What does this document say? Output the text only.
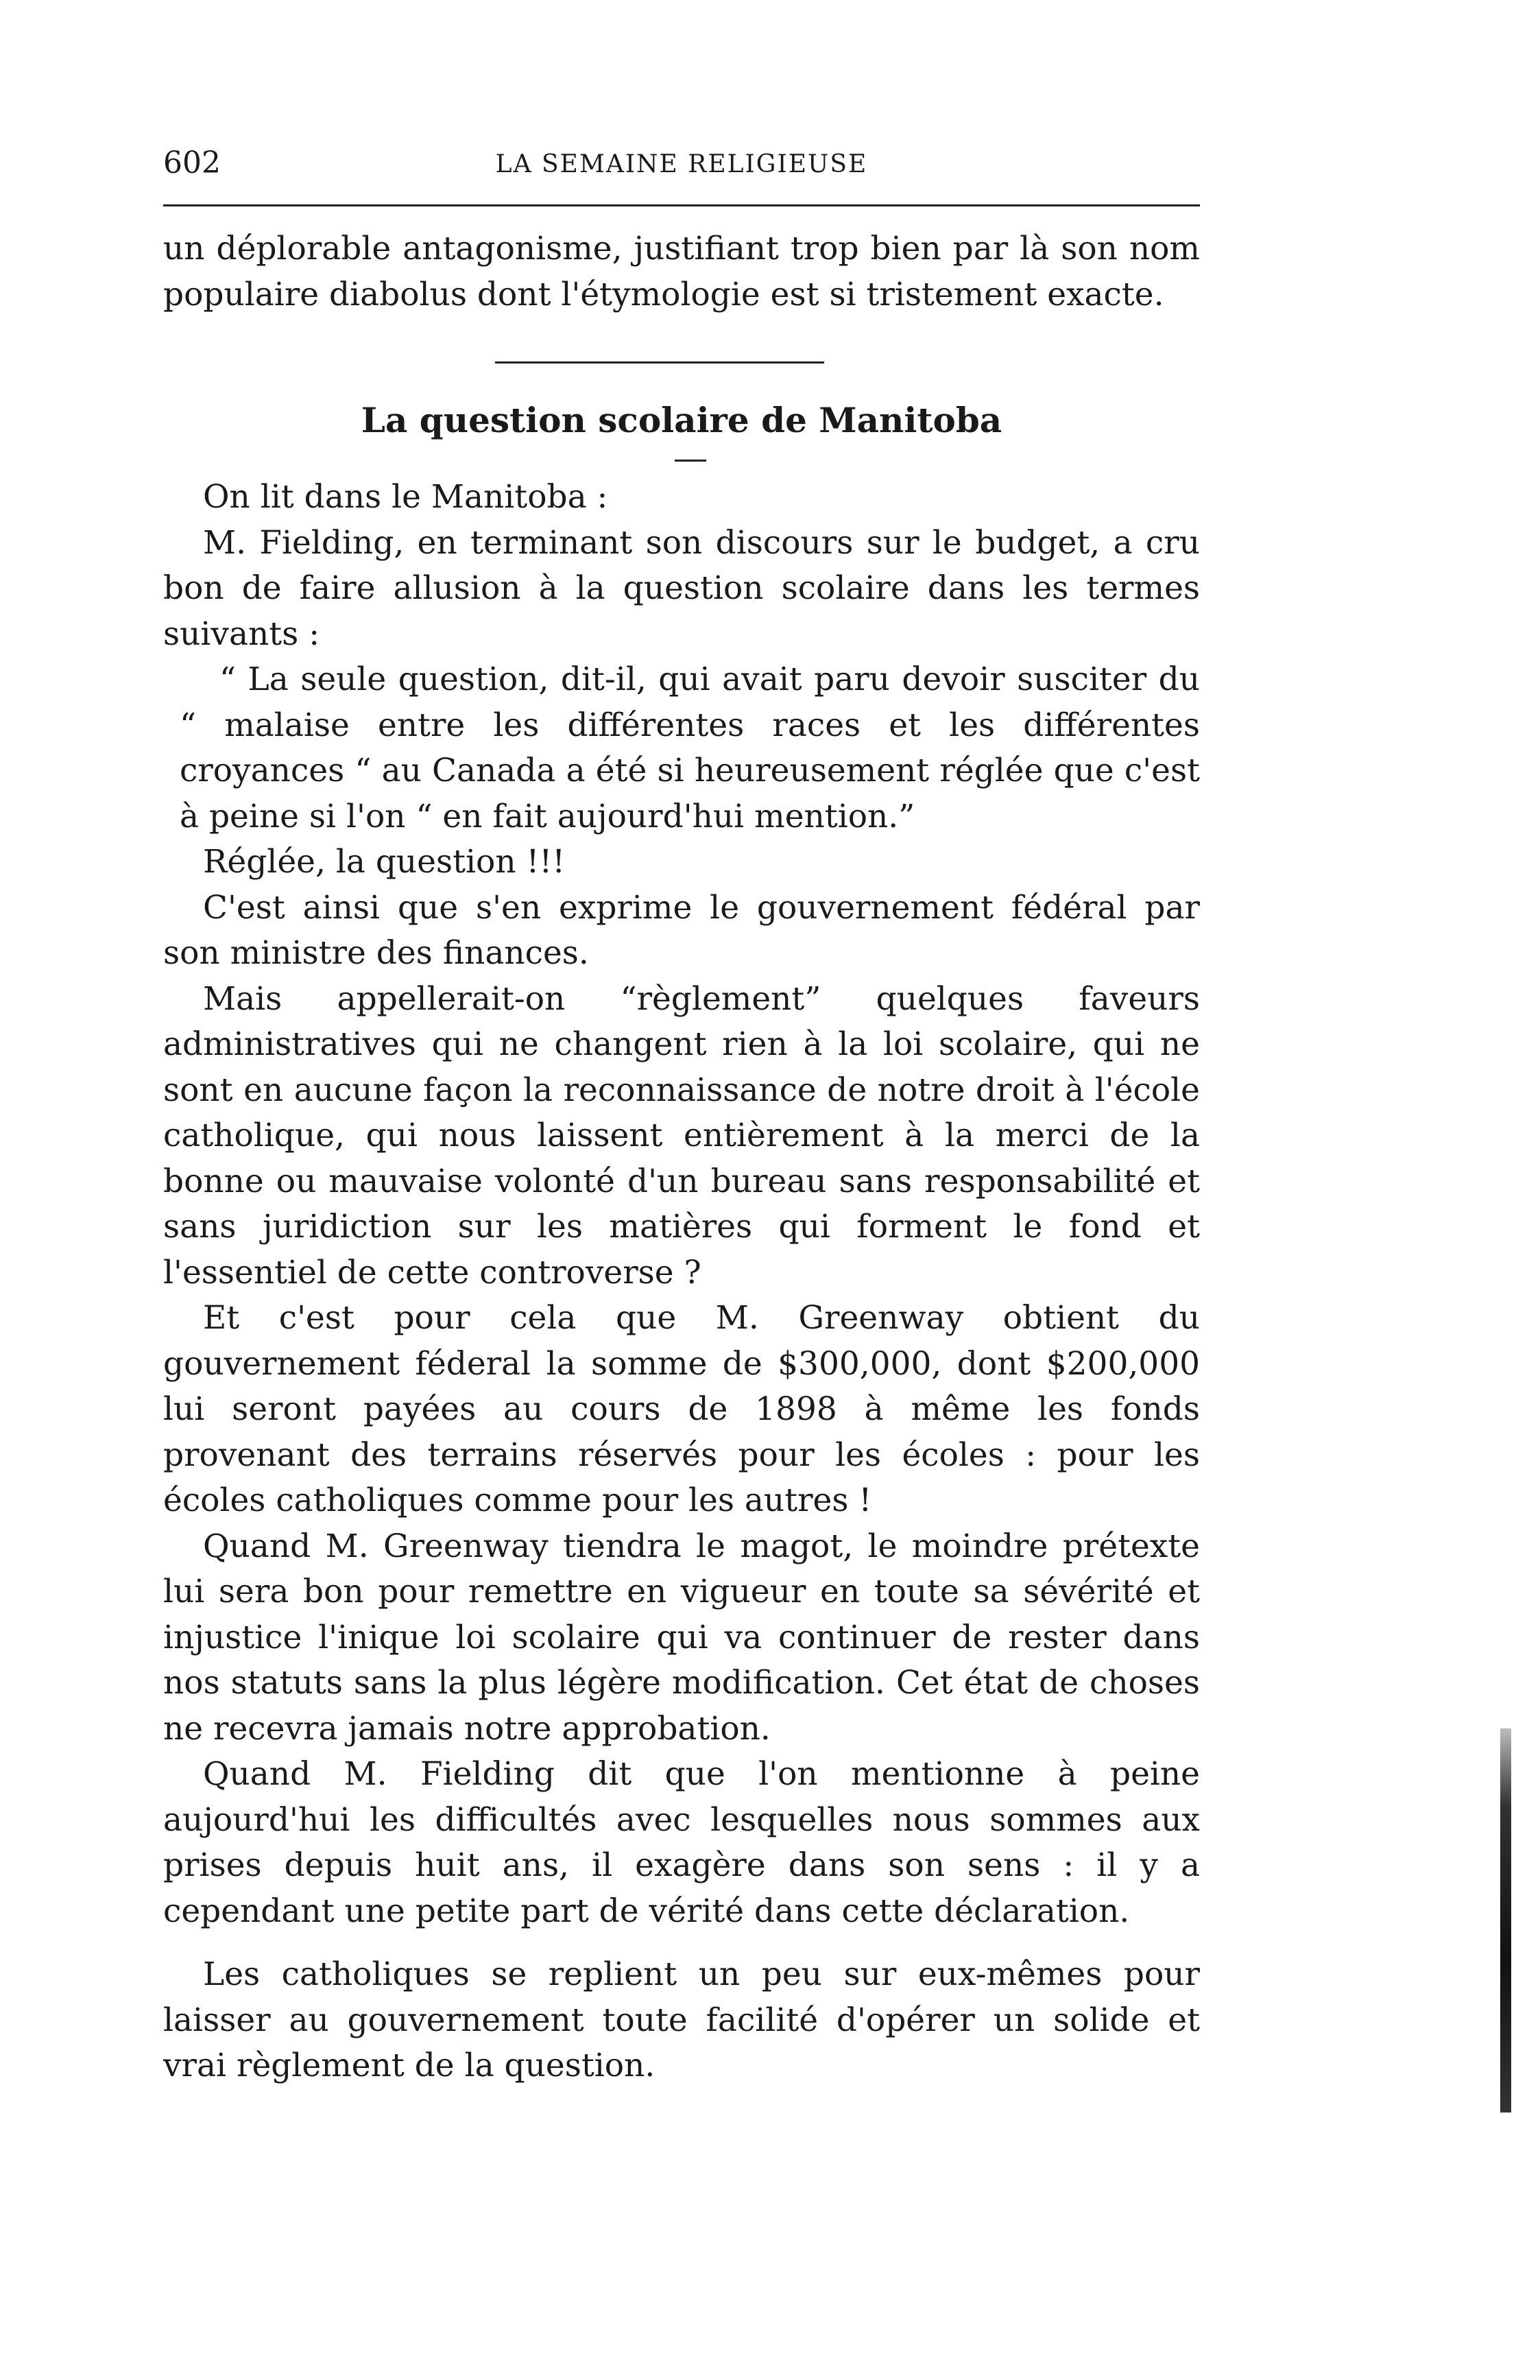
602	LA SEMAINE RELIGIEUSE

un déplorable antagonisme, justifiant trop bien par là son nom populaire diabolus dont l'étymologie est si tristement exacte.

La question scolaire de Manitoba

On lit dans le Manitoba :

M. Fielding, en terminant son discours sur le budget, a cru bon de faire allusion à la question scolaire dans les termes suivants :

“ La seule question, dit-il, qui avait paru devoir susciter du “ malaise entre les différentes races et les différentes croyances “ au Canada a été si heureusement réglée que c'est à peine si l'on “ en fait aujourd'hui mention.”

Réglée, la question !!!

C'est ainsi que s'en exprime le gouvernement fédéral par son ministre des finances.

Mais appellerait-on “règlement” quelques faveurs administratives qui ne changent rien à la loi scolaire, qui ne sont en aucune façon la reconnaissance de notre droit à l'école catholique, qui nous laissent entièrement à la merci de la bonne ou mauvaise volonté d'un bureau sans responsabilité et sans juridiction sur les matières qui forment le fond et l'essentiel de cette controverse ?

Et c'est pour cela que M. Greenway obtient du gouvernement féderal la somme de $300,000, dont $200,000 lui seront payées au cours de 1898 à même les fonds provenant des terrains réservés pour les écoles : pour les écoles catholiques comme pour les autres !

Quand M. Greenway tiendra le magot, le moindre prétexte lui sera bon pour remettre en vigueur en toute sa sévérité et injustice l'inique loi scolaire qui va continuer de rester dans nos statuts sans la plus légère modification. Cet état de choses ne recevra jamais notre approbation.

Quand M. Fielding dit que l'on mentionne à peine aujourd'hui les difficultés avec lesquelles nous sommes aux prises depuis huit ans, il exagère dans son sens : il y a cependant une petite part de vérité dans cette déclaration.

Les catholiques se replient un peu sur eux-mêmes pour laisser au gouvernement toute facilité d'opérer un solide et vrai règlement de la question.
